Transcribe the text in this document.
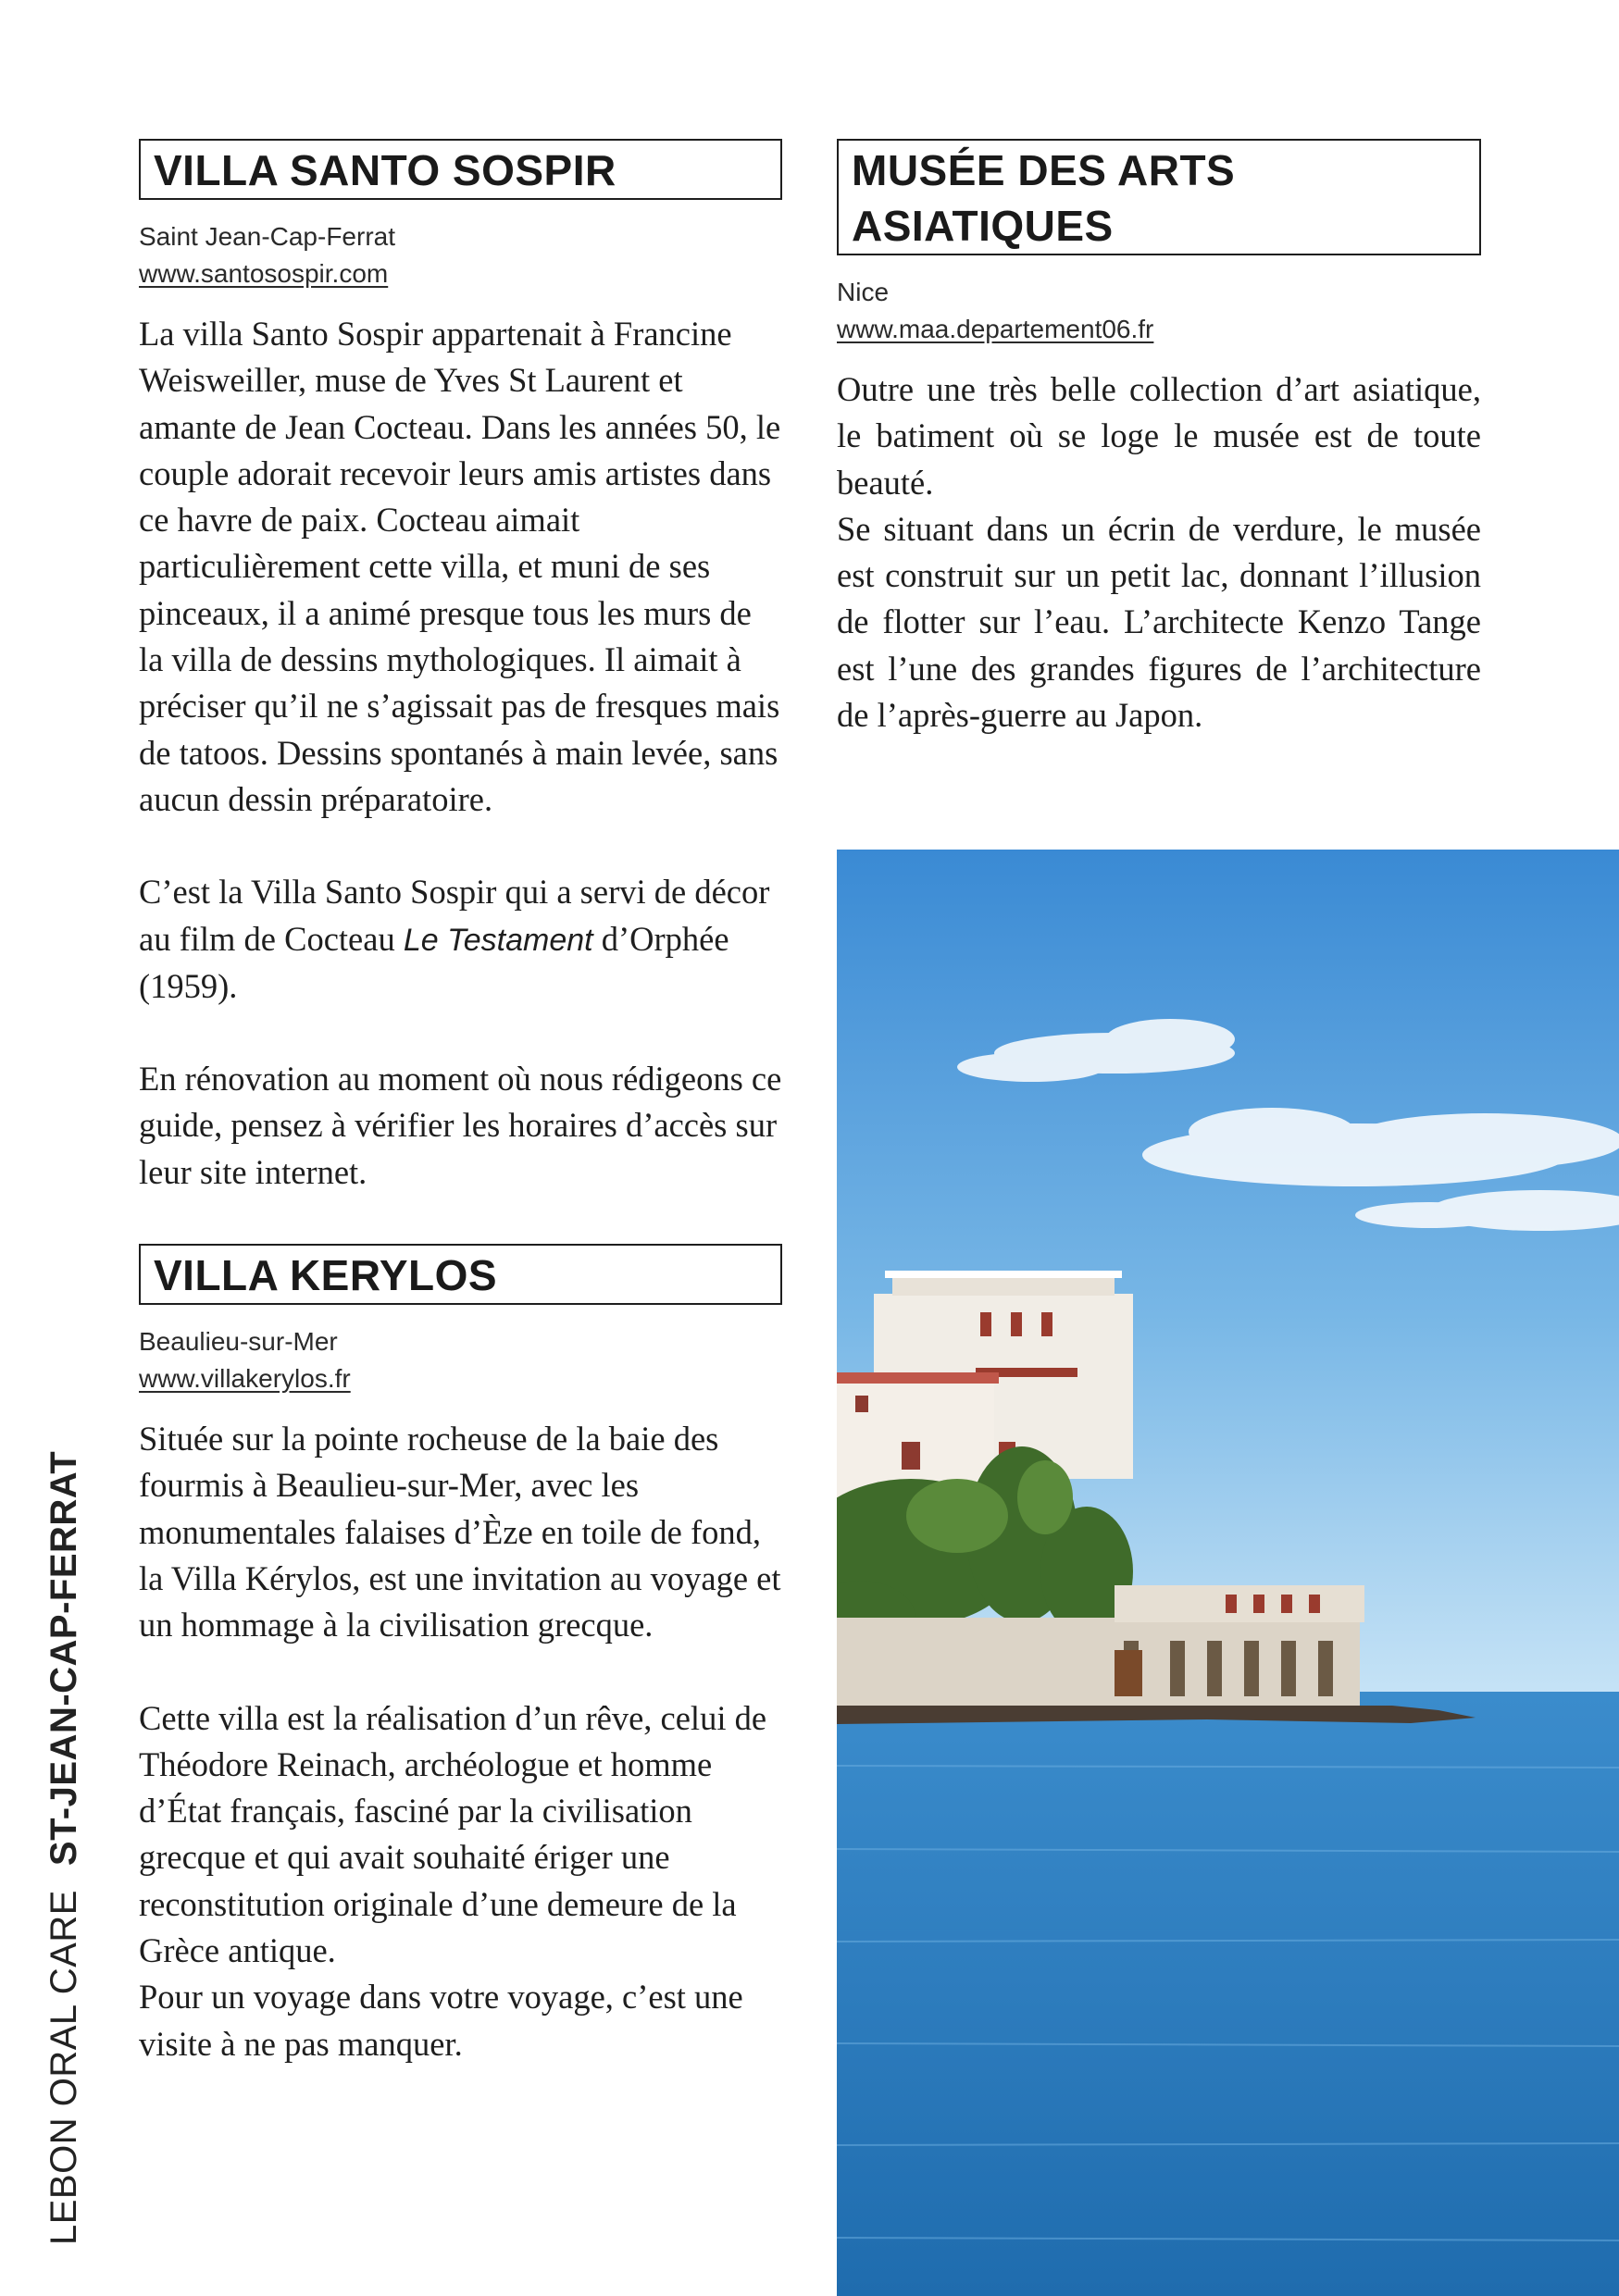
VILLA SANTO SOSPIR
Saint Jean-Cap-Ferrat
www.santosospir.com

La villa Santo Sospir appartenait à Francine Weisweiller, muse de Yves St Laurent et amante de Jean Cocteau. Dans les années 50, le couple adorait recevoir leurs amis artistes dans ce havre de paix. Cocteau aimait particulièrement cette villa, et muni de ses pinceaux, il a animé presque tous les murs de la villa de dessins mythologiques. Il aimait à préciser qu’il ne s’agissait pas de fresques mais de tatoos. Dessins spontanés à main levée, sans aucun dessin préparatoire.

C’est la Villa Santo Sospir qui a servi de décor au film de Cocteau Le Testament d’Orphée (1959).

En rénovation au moment où nous rédigeons ce guide, pensez à vérifier les horaires d’accès sur leur site internet.

VILLA KERYLOS
Beaulieu-sur-Mer
www.villakerylos.fr

Située sur la pointe rocheuse de la baie des fourmis à Beaulieu-sur-Mer, avec les monumentales falaises d’Èze en toile de fond, la Villa Kérylos, est une invitation au voyage et un hommage à la civilisation grecque.

Cette villa est la réalisation d’un rêve, celui de Théodore Reinach, archéologue et homme d’État français, fasciné par la civilisation grecque et qui avait souhaité ériger une reconstitution originale d’une demeure de la Grèce antique.

Pour un voyage dans votre voyage, c’est une visite à ne pas manquer.

MUSÉE DES ARTS
ASIATIQUES
Nice
www.maa.departement06.fr

Outre une très belle collection d’art asiatique, le batiment où se loge le musée est de toute beauté.

Se situant dans un écrin de verdure, le musée est construit sur un petit lac, donnant l’illusion de flotter sur l’eau. L’architecte Kenzo Tange est l’une des grandes figures de l’architecture de l’après-guerre au Japon.

LEBON ORAL CAREST-JEAN-CAP-FERRAT
